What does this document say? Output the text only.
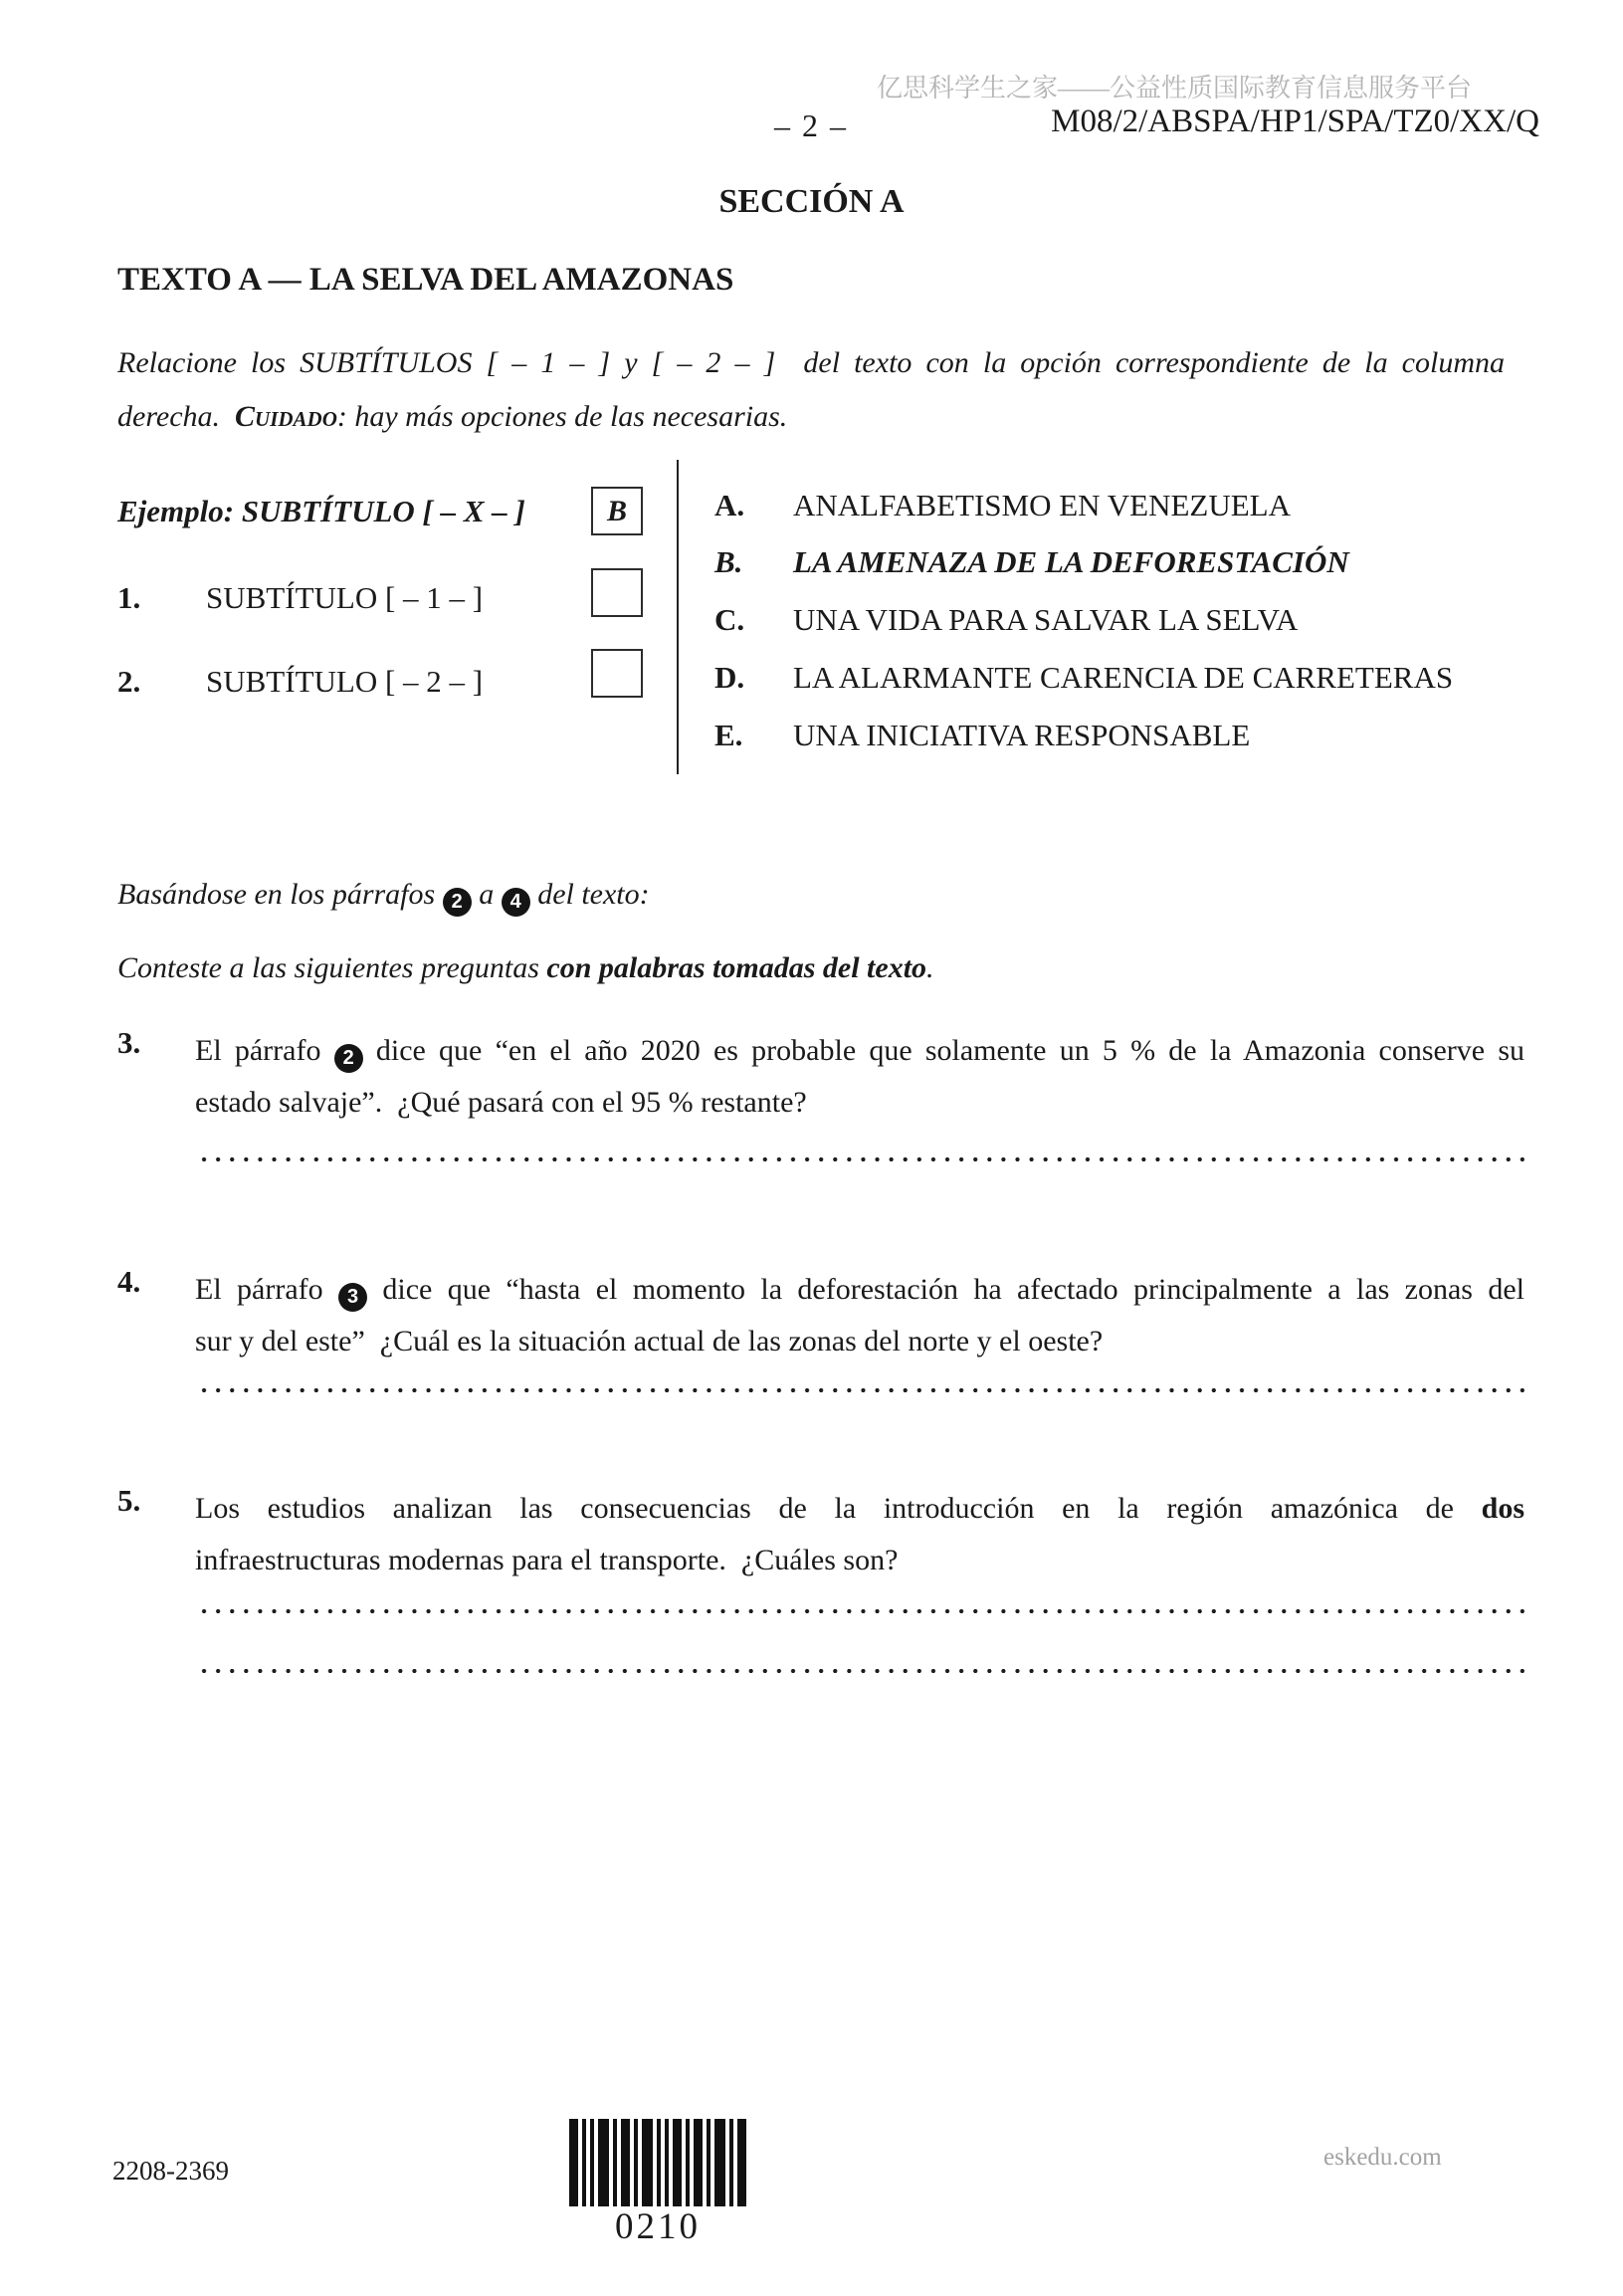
亿思科学生之家——公益性质国际教育信息服务平台
– 2 –	M08/2/ABSPA/HP1/SPA/TZ0/XX/Q
SECCIÓN A
TEXTO A — LA SELVA DEL AMAZONAS
Relacione los SUBTÍTULOS [ – 1 – ] y [ – 2 – ]  del texto con la opción correspondiente de la columna
derecha.  Cuidado: hay más opciones de las necesarias.
Ejemplo: SUBTÍTULO [ – X – ]	B
1. SUBTÍTULO [ – 1 – ]
2. SUBTÍTULO [ – 2 – ]
A. ANALFABETISMO EN VENEZUELA
B. LA AMENAZA DE LA DEFORESTACIÓN
C. UNA VIDA PARA SALVAR LA SELVA
D. LA ALARMANTE CARENCIA DE CARRETERAS
E. UNA INICIATIVA RESPONSABLE
Basándose en los párrafos 2 a 4 del texto:
Conteste a las siguientes preguntas con palabras tomadas del texto.
3. El párrafo 2 dice que “en el año 2020 es probable que solamente un 5 % de la Amazonia conserve su
estado salvaje”.  ¿Qué pasará con el 95 % restante?
4. El párrafo 3 dice que “hasta el momento la deforestación ha afectado principalmente a las zonas del
sur y del este”  ¿Cuál es la situación actual de las zonas del norte y el oeste?
5. Los estudios analizan las consecuencias de la introducción en la región amazónica de dos
infraestructuras modernas para el transporte.  ¿Cuáles son?
2208-2369
0210
eskedu.com
